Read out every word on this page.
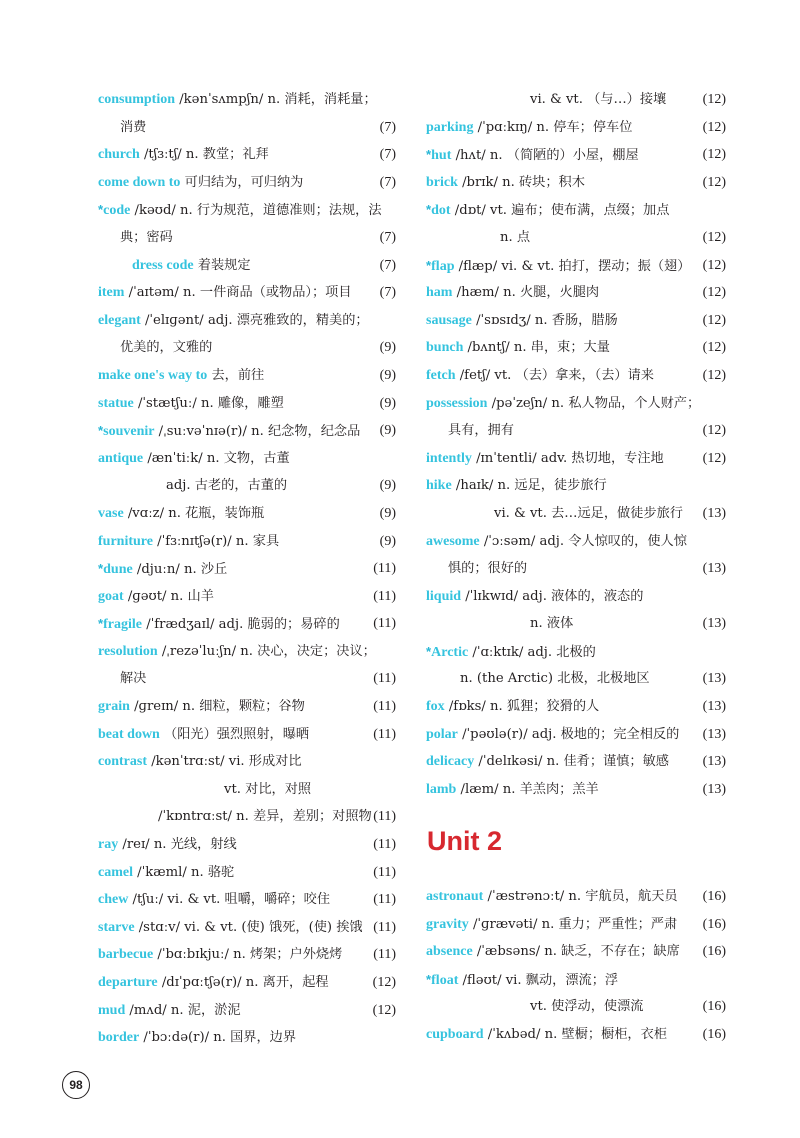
consumption /kənˈsʌmpʃn/ n. 消耗，消耗量；
消费	(7)
church /tʃɜːtʃ/ n. 教堂；礼拜	(7)
come down to 可归结为，可归纳为	(7)
*code /kəʊd/ n. 行为规范，道德准则；法规，法
典；密码	(7)
dress code 着装规定	(7)
item /ˈaɪtəm/ n. 一件商品（或物品）；项目 (7)
elegant /ˈelɪɡənt/ adj. 漂亮雅致的，精美的；
优美的，文雅的	(9)
make one's way to 去，前往	(9)
statue /ˈstætʃuː/ n. 雕像，雕塑	(9)
*souvenir /ˌsuːvəˈnɪə(r)/ n. 纪念物，纪念品 (9)
antique /ænˈtiːk/ n. 文物，古董
adj. 古老的，古董的	(9)
vase /vɑːz/ n. 花瓶，装饰瓶	(9)
furniture /ˈfɜːnɪtʃə(r)/ n. 家具	(9)
*dune /djuːn/ n. 沙丘	(11)
goat /ɡəʊt/ n. 山羊	(11)
*fragile /ˈfrædʒaɪl/ adj. 脆弱的；易碎的 (11)
resolution /ˌrezəˈluːʃn/ n. 决心，决定；决议；
解决	(11)
grain /ɡreɪn/ n. 细粒，颗粒；谷物	(11)
beat down （阳光）强烈照射，曝晒	(11)
contrast /kənˈtrɑːst/ vi. 形成对比
vt. 对比，对照
/ˈkɒntrɑːst/ n. 差异，差别；对照物 (11)
ray /reɪ/ n. 光线，射线	(11)
camel /ˈkæml/ n. 骆驼	(11)
chew /tʃuː/ vi. & vt. 咀嚼，嚼碎；咬住	(11)
starve /stɑːv/ vi. & vt. (使) 饿死，(使) 挨饿 (11)
barbecue /ˈbɑːbɪkjuː/ n. 烤架；户外烧烤 (11)
departure /dɪˈpɑːtʃə(r)/ n. 离开，起程	(12)
mud /mʌd/ n. 泥，淤泥	(12)
border /ˈbɔːdə(r)/ n. 国界，边界
vi. & vt. （与…）接壤	(12)
parking /ˈpɑːkɪŋ/ n. 停车；停车位	(12)
*hut /hʌt/ n. （简陋的）小屋，棚屋	(12)
brick /brɪk/ n. 砖块；积木	(12)
*dot /dɒt/ vt. 遍布；使布满，点缀；加点
n. 点	(12)
*flap /flæp/ vi. & vt. 拍打，摆动；振（翅） (12)
ham /hæm/ n. 火腿，火腿肉	(12)
sausage /ˈsɒsɪdʒ/ n. 香肠，腊肠	(12)
bunch /bʌntʃ/ n. 串，束；大量	(12)
fetch /fetʃ/ vt. （去）拿来，（去）请来	(12)
possession /pəˈzeʃn/ n. 私人物品，个人财产；
具有，拥有	(12)
intently /ɪnˈtentli/ adv. 热切地，专注地	(12)
hike /haɪk/ n. 远足，徒步旅行
vi. & vt. 去…远足，做徒步旅行 (13)
awesome /ˈɔːsəm/ adj. 令人惊叹的，使人惊
惧的；很好的	(13)
liquid /ˈlɪkwɪd/ adj. 液体的，液态的
n. 液体	(13)
*Arctic /ˈɑːktɪk/ adj. 北极的
n. (the Arctic) 北极，北极地区	(13)
fox /fɒks/ n. 狐狸；狡猾的人	(13)
polar /ˈpəʊlə(r)/ adj. 极地的；完全相反的 (13)
delicacy /ˈdelɪkəsi/ n. 佳肴；谨慎；敏感 (13)
lamb /læm/ n. 羊羔肉；羔羊	(13)
astronaut /ˈæstrənɔːt/ n. 宇航员，航天员 (16)
gravity /ˈɡrævəti/ n. 重力；严重性；严肃 (16)
absence /ˈæbsəns/ n. 缺乏，不存在；缺席 (16)
*float /fləʊt/ vi. 飘动，漂流；浮
vt. 使浮动，使漂流	(16)
cupboard /ˈkʌbəd/ n. 壁橱；橱柜，衣柜	(16)
Unit 2
98
